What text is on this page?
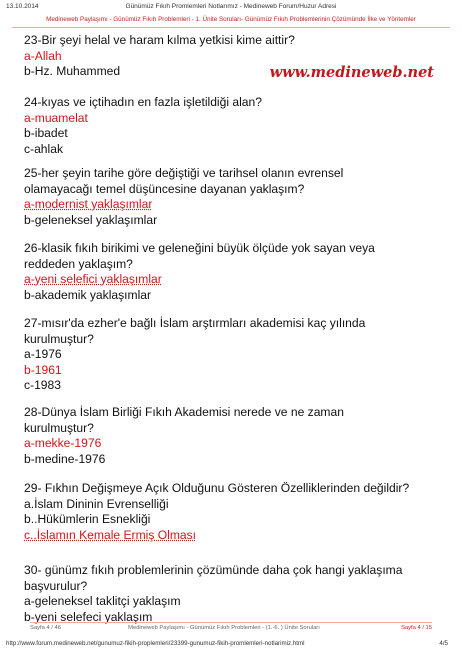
13.10.2014	Günümüz Fıkıh Promlemleri Notlarımız - Medineweb Forum/Huzur Adresi
Medineweb Paylaşımı - Günümüz Fıkıh Problemleri - 1. Ünite Soruları- Günümüz Fıkıh Problemlerinin Çözümünde İlke ve Yöntemler
www.medineweb.net
23-Bir şeyi helal ve haram kılma yetkisi kime aittir?
a-Allah
b-Hz. Muhammed
24-kıyas ve içtihadın en fazla işletildiği alan?
a-muamelat
b-ibadet
c-ahlak
25-her şeyin tarihe göre değiştiği ve tarihsel olanın evrensel
olamayacağı temel düşüncesine dayanan yaklaşım?
a-modernist yaklaşımlar
b-geleneksel yaklaşımlar
26-klasik fıkıh birikimi ve geleneğini büyük ölçüde yok sayan veya
reddeden yaklaşım?
a-yeni selefici yaklaşımlar
b-akademik yaklaşımlar
27-mısır'da ezher'e bağlı İslam arştırmları akademisi kaç yılında
kurulmuştur?
a-1976
b-1961
c-1983
28-Dünya İslam Birliği Fıkıh Akademisi nerede ve ne zaman
kurulmuştur?
a-mekke-1976
b-medine-1976
29- Fıkhın Değişmeye Açık Olduğunu Gösteren Özelliklerinden değildir?
a.İslam Dininin Evrenselliği
b..Hükümlerin Esnekliği
c..İslamın Kemale Ermiş Olması
30- günümz fıkıh problemlerinin çözümünde daha çok hangi yaklaşıma
başvurulur?
a-geleneksel taklitçi yaklaşım
b-yeni selefeci yaklaşım
Sayfa 4 / 46	Medineweb Paylaşımı - Günümüz Fıkıh Problemleri - (1.-6. ) Ünite Soruları	Sayfa 4 / 15
http://www.forum.medineweb.net/gunumuz-fikih-proplemleri/23399-gunumuz-fikih-promlemleri-notlarimiz.html	4/5
